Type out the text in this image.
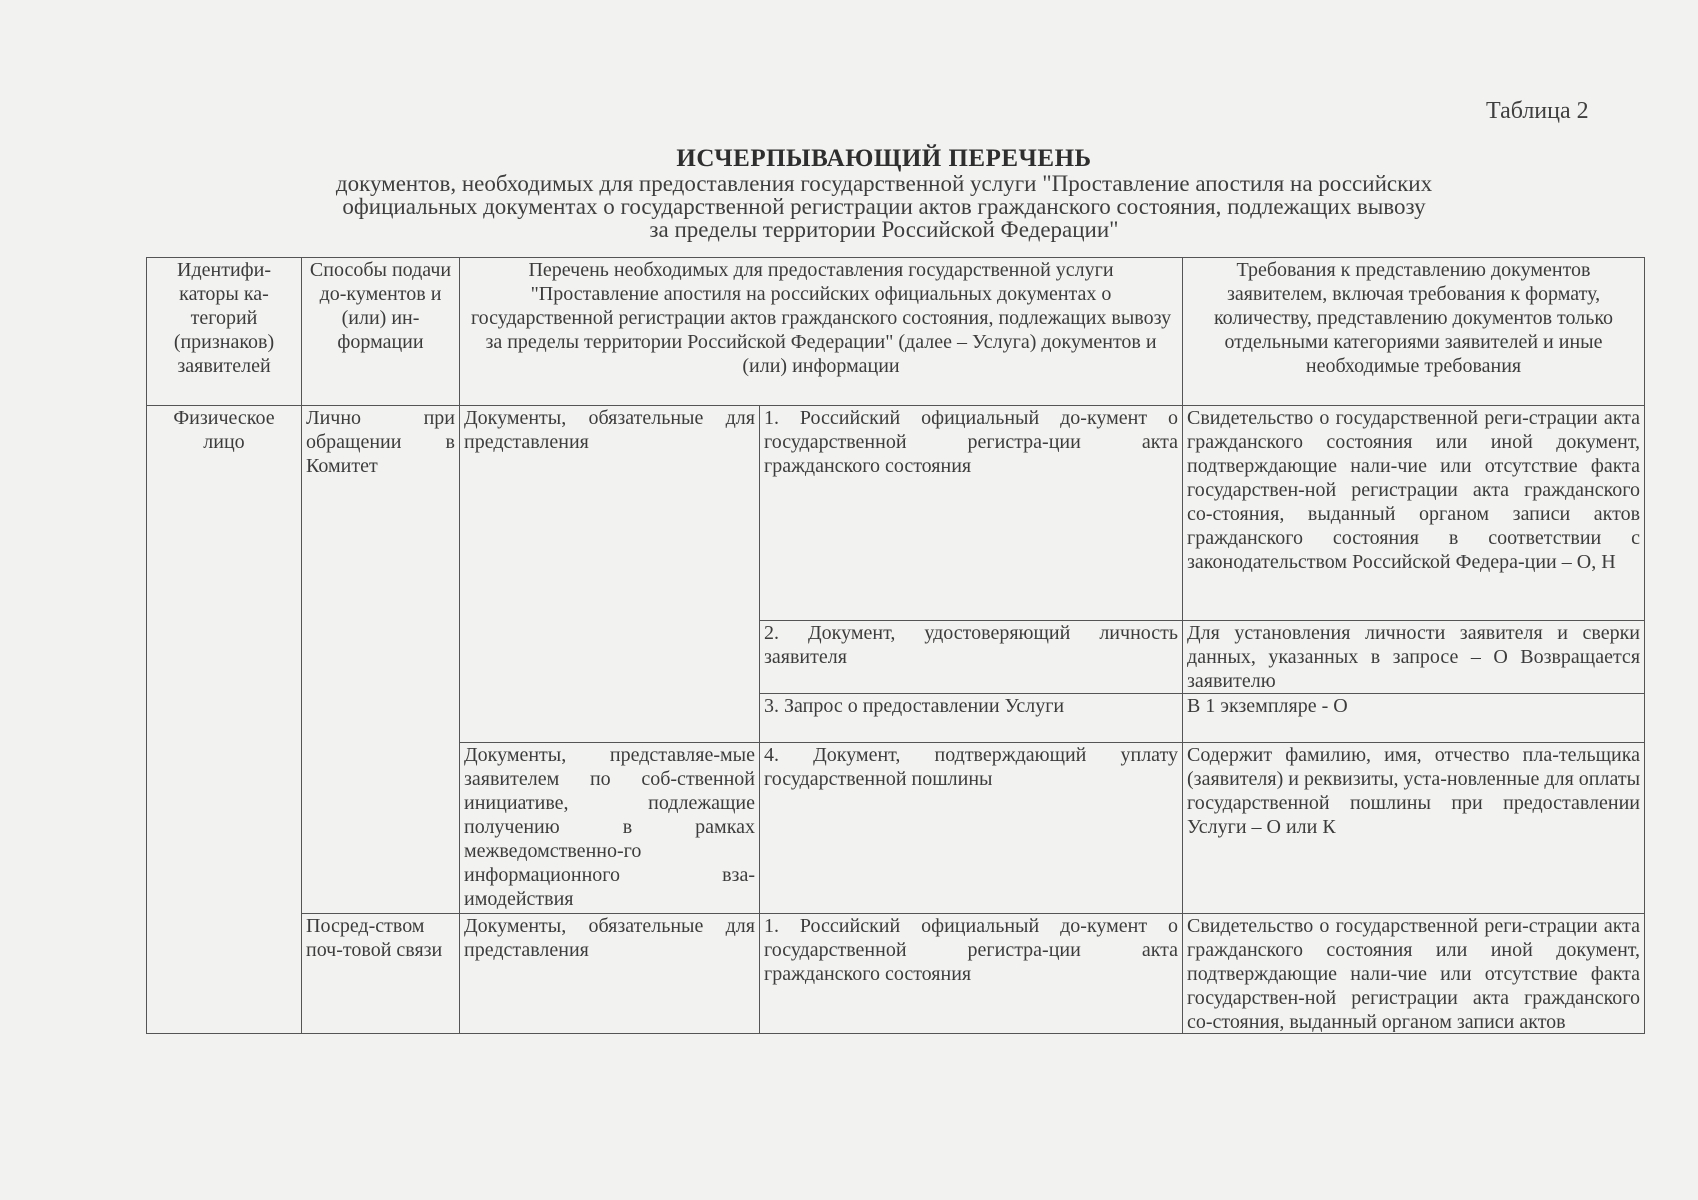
Таблица 2
ИСЧЕРПЫВАЮЩИЙ ПЕРЕЧЕНЬ
документов, необходимых для предоставления государственной услуги "Проставление апостиля на российских
официальных документах о государственной регистрации актов гражданского состояния, подлежащих вывозу
за пределы территории Российской Федерации"
Идентифи-каторы ка-тегорий (признаков) заявителей	Способы подачи до-кументов и (или) ин-формации	Перечень необходимых для предоставления государственной услуги "Проставление апостиля на российских официальных документах о государственной регистрации актов гражданского состояния, подлежащих вывозу за пределы территории Российской Федерации" (далее – Услуга) документов и (или) информации		Требования к представлению документов заявителем, включая требования к формату, количеству, представлению документов только отдельными категориями заявителей и иные необходимые требования
Физическое лицо	Лично при обращении в Комитет	Документы, обязательные для представления	1. Российский официальный до-кумент о государственной регистра-ции акта гражданского состояния	Свидетельство о государственной реги-страции акта гражданского состояния или иной документ, подтверждающие нали-чие или отсутствие факта государствен-ной регистрации акта гражданского со-стояния, выданный органом записи актов гражданского состояния в соответствии с законодательством Российской Федера-ции – О, Н
			2. Документ, удостоверяющий личность заявителя	Для установления личности заявителя и сверки данных, указанных в запросе – О Возвращается заявителю
			3. Запрос о предоставлении Услуги	В 1 экземпляре - О
		Документы, представляе-мые заявителем по соб-ственной инициативе, подлежащие получению в рамках межведомственно-го информационного вза-имодействия	4. Документ, подтверждающий уплату государственной пошлины	Содержит фамилию, имя, отчество пла-тельщика (заявителя) и реквизиты, уста-новленные для оплаты государственной пошлины при предоставлении Услуги – О или К
	Посред-ством поч-товой связи	Документы, обязательные для представления	1. Российский официальный до-кумент о государственной регистра-ции акта гражданского состояния	Свидетельство о государственной реги-страции акта гражданского состояния или иной документ, подтверждающие нали-чие или отсутствие факта государствен-ной регистрации акта гражданского со-стояния, выданный органом записи актов
